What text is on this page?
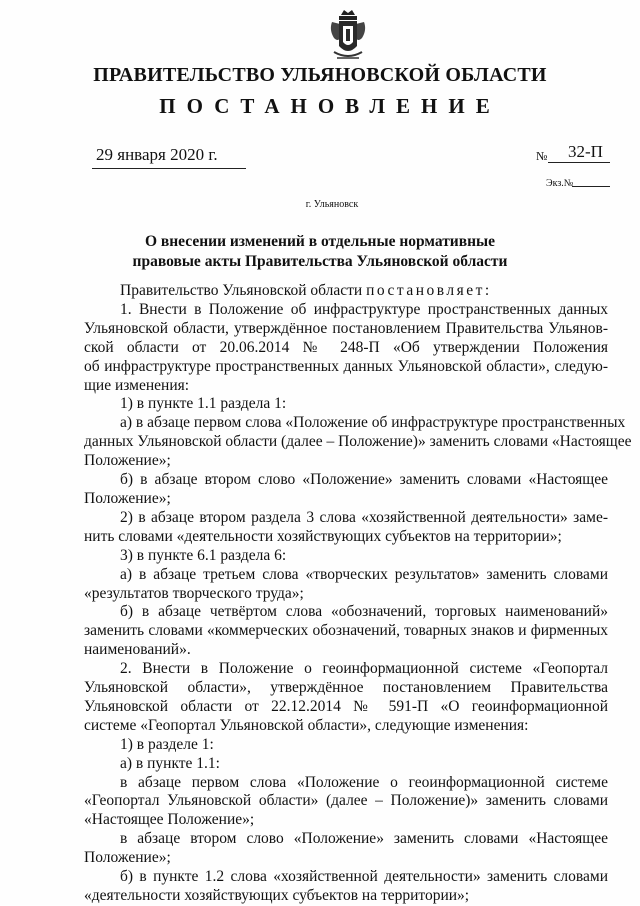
ПРАВИТЕЛЬСТВО УЛЬЯНОВСКОЙ ОБЛАСТИ
ПОСТАНОВЛЕНИЕ
29 января 2020 г.	№ 32-П
Экз.№
г. Ульяновск
О внесении изменений в отдельные нормативные
правовые акты Правительства Ульяновской области
Правительство Ульяновской области постановляет:
1. Внести в Положение об инфраструктуре пространственных данных
Ульяновской области, утверждённое постановлением Правительства Ульянов-
ской области от 20.06.2014 № 248-П «Об утверждении Положения
об инфраструктуре пространственных данных Ульяновской области», следую-
щие изменения:
1) в пункте 1.1 раздела 1:
а) в абзаце первом слова «Положение об инфраструктуре пространственных
данных Ульяновской области (далее – Положение)» заменить словами «Настоящее
Положение»;
б) в абзаце втором слово «Положение» заменить словами «Настоящее
Положение»;
2) в абзаце втором раздела 3 слова «хозяйственной деятельности» заме-
нить словами «деятельности хозяйствующих субъектов на территории»;
3) в пункте 6.1 раздела 6:
а) в абзаце третьем слова «творческих результатов» заменить словами
«результатов творческого труда»;
б) в абзаце четвёртом слова «обозначений, торговых наименований»
заменить словами «коммерческих обозначений, товарных знаков и фирменных
наименований».
2. Внести в Положение о геоинформационной системе «Геопортал
Ульяновской области», утверждённое постановлением Правительства
Ульяновской области от 22.12.2014 № 591-П «О геоинформационной
системе «Геопортал Ульяновской области», следующие изменения:
1) в разделе 1:
а) в пункте 1.1:
в абзаце первом слова «Положение о геоинформационной системе
«Геопортал Ульяновской области» (далее – Положение)» заменить словами
«Настоящее Положение»;
в абзаце втором слово «Положение» заменить словами «Настоящее
Положение»;
б) в пункте 1.2 слова «хозяйственной деятельности» заменить словами
«деятельности хозяйствующих субъектов на территории»;
